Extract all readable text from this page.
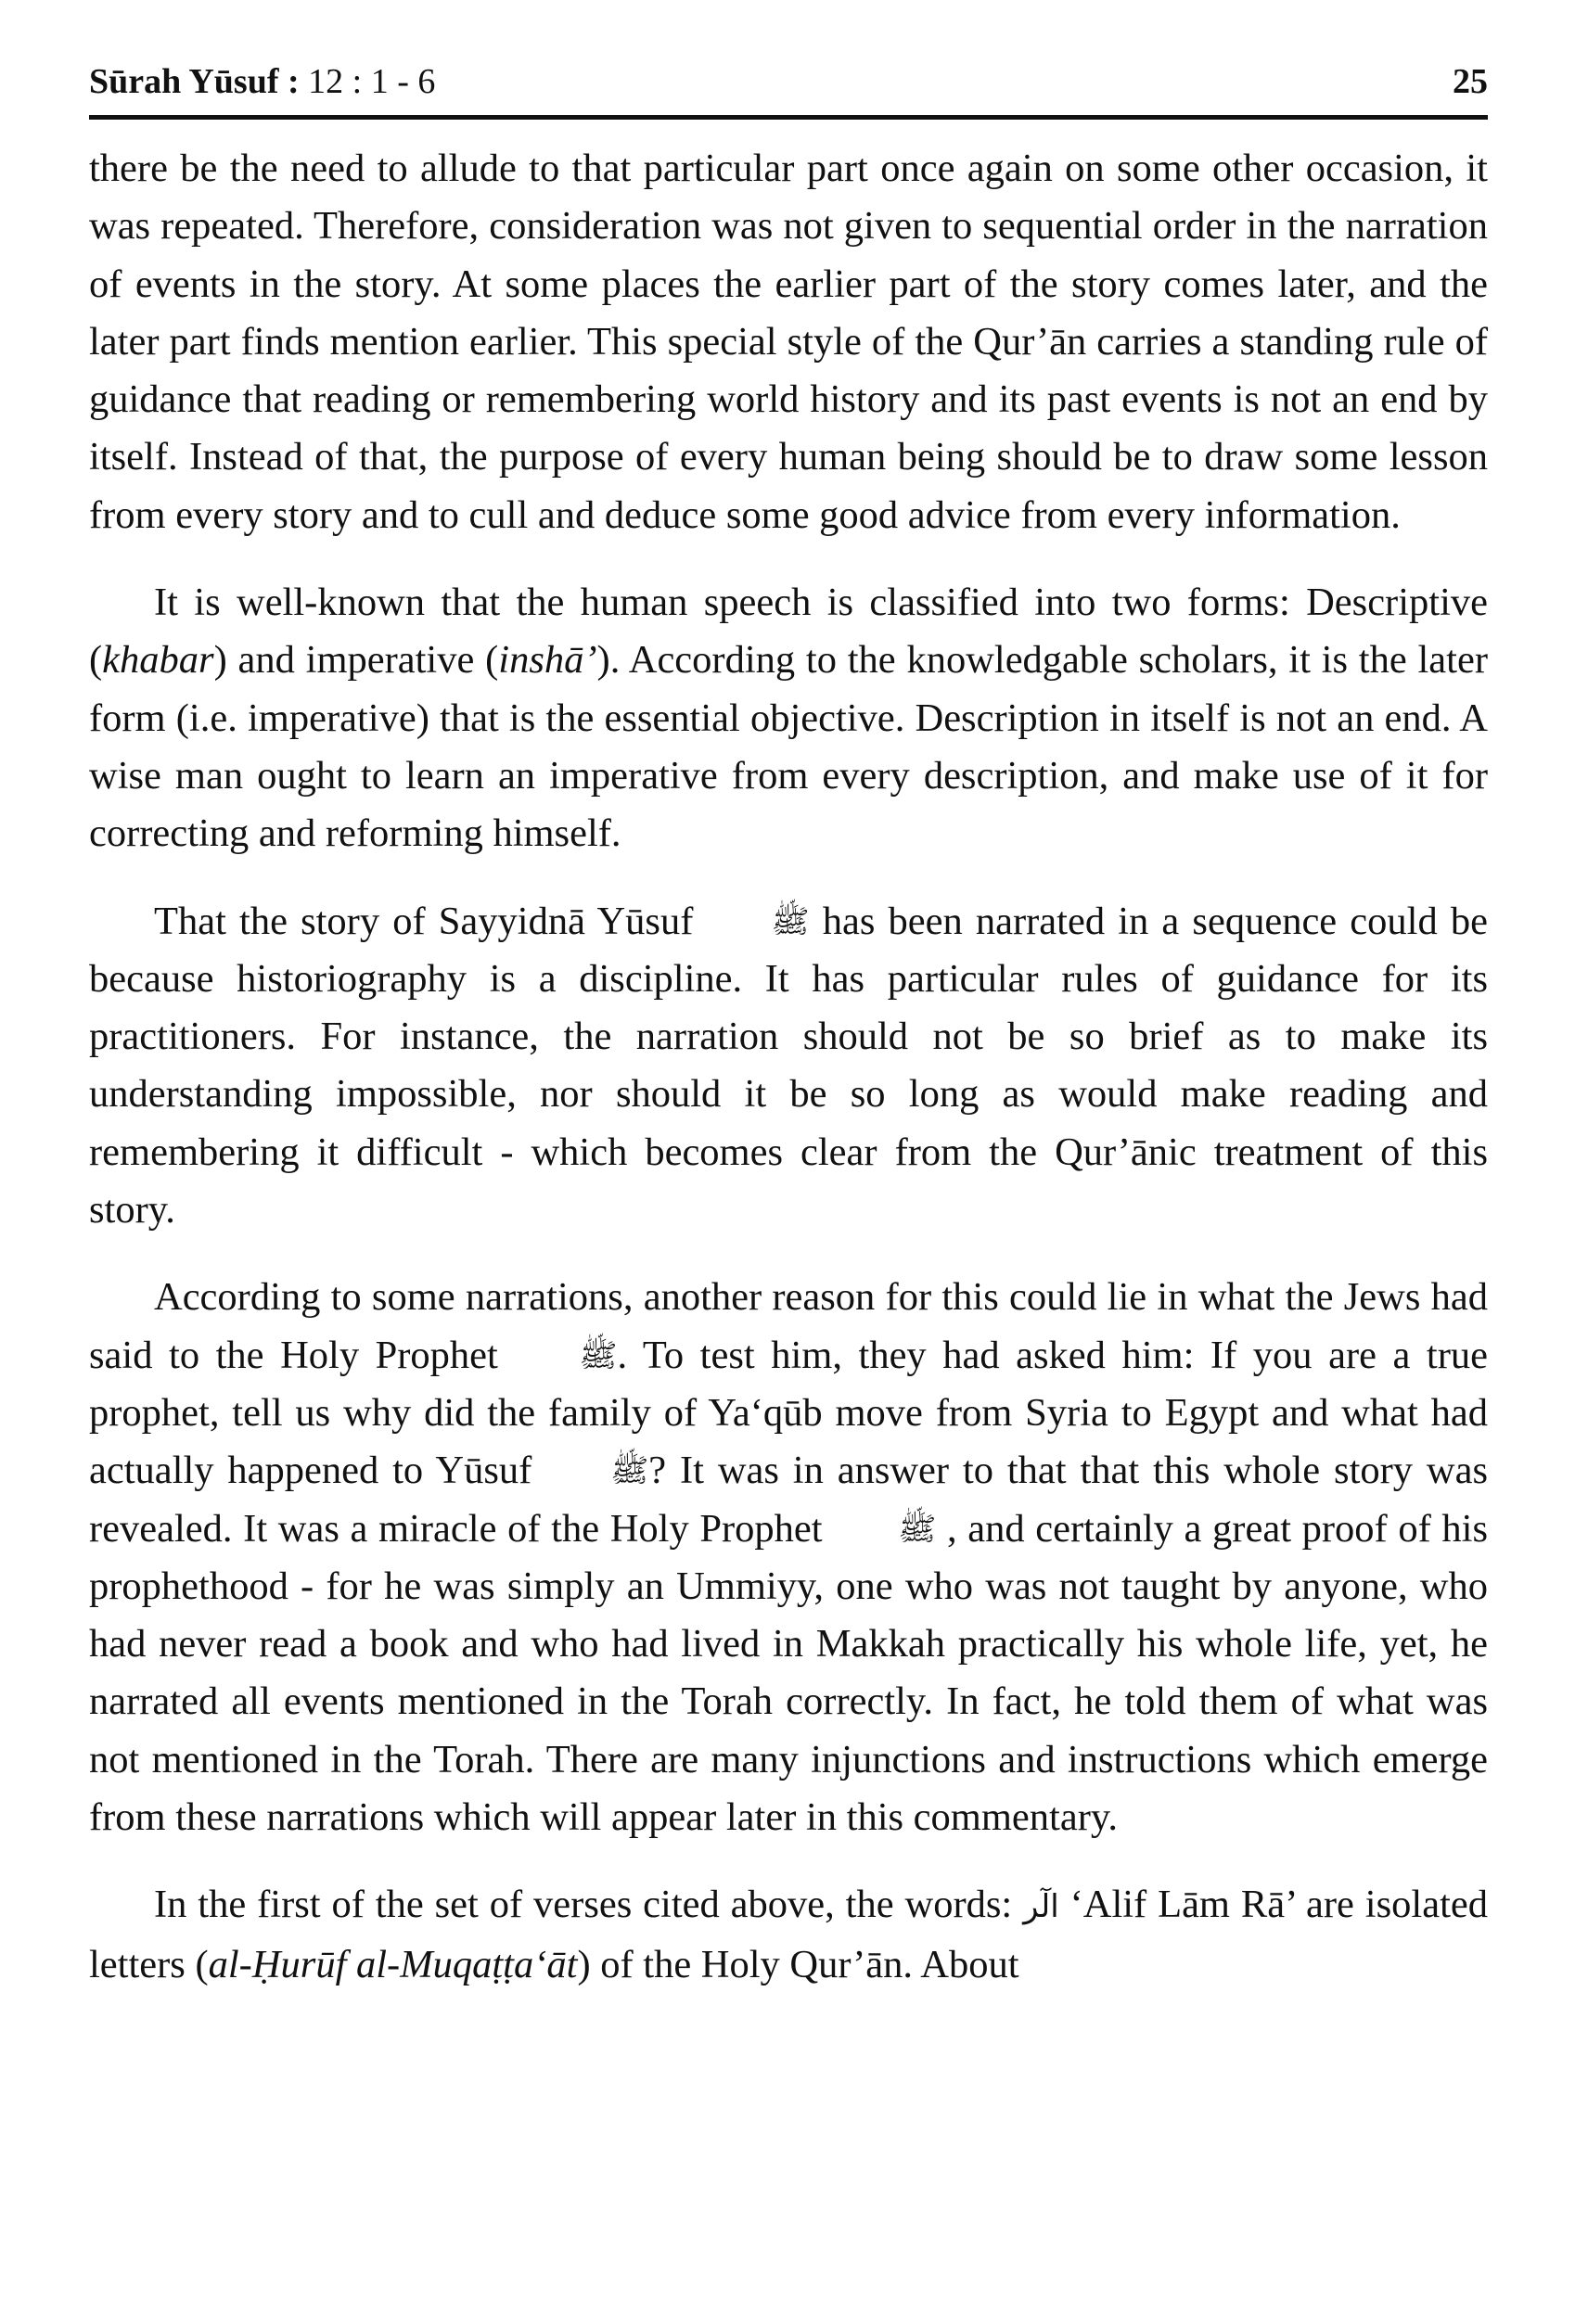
Sūrah Yūsuf : 12 : 1 - 6	25

there be the need to allude to that particular part once again on some other occasion, it was repeated. Therefore, consideration was not given to sequential order in the narration of events in the story. At some places the earlier part of the story comes later, and the later part finds mention earlier. This special style of the Qur’ān carries a standing rule of guidance that reading or remembering world history and its past events is not an end by itself. Instead of that, the purpose of every human being should be to draw some lesson from every story and to cull and deduce some good advice from every information.

It is well-known that the human speech is classified into two forms: Descriptive (khabar) and imperative (inshā’). According to the knowledgable scholars, it is the later form (i.e. imperative) that is the essential objective. Description in itself is not an end. A wise man ought to learn an imperative from every description, and make use of it for correcting and reforming himself.

That the story of Sayyidnā Yūsuf ﷺ has been narrated in a sequence could be because historiography is a discipline. It has particular rules of guidance for its practitioners. For instance, the narration should not be so brief as to make its understanding impossible, nor should it be so long as would make reading and remembering it difficult - which becomes clear from the Qur’ānic treatment of this story.

According to some narrations, another reason for this could lie in what the Jews had said to the Holy Prophet ﷺ. To test him, they had asked him: If you are a true prophet, tell us why did the family of Ya‘qūb move from Syria to Egypt and what had actually happened to Yūsuf ﷺ? It was in answer to that that this whole story was revealed. It was a miracle of the Holy Prophet ﷺ , and certainly a great proof of his prophethood - for he was simply an Ummiyy, one who was not taught by anyone, who had never read a book and who had lived in Makkah practically his whole life, yet, he narrated all events mentioned in the Torah correctly. In fact, he told them of what was not mentioned in the Torah. There are many injunctions and instructions which emerge from these narrations which will appear later in this commentary.

In the first of the set of verses cited above, the words: الٓر ‘Alif Lām Rā’ are isolated letters (al-Ḥurūf al-Muqaṭṭa‘āt) of the Holy Qur’ān. About
